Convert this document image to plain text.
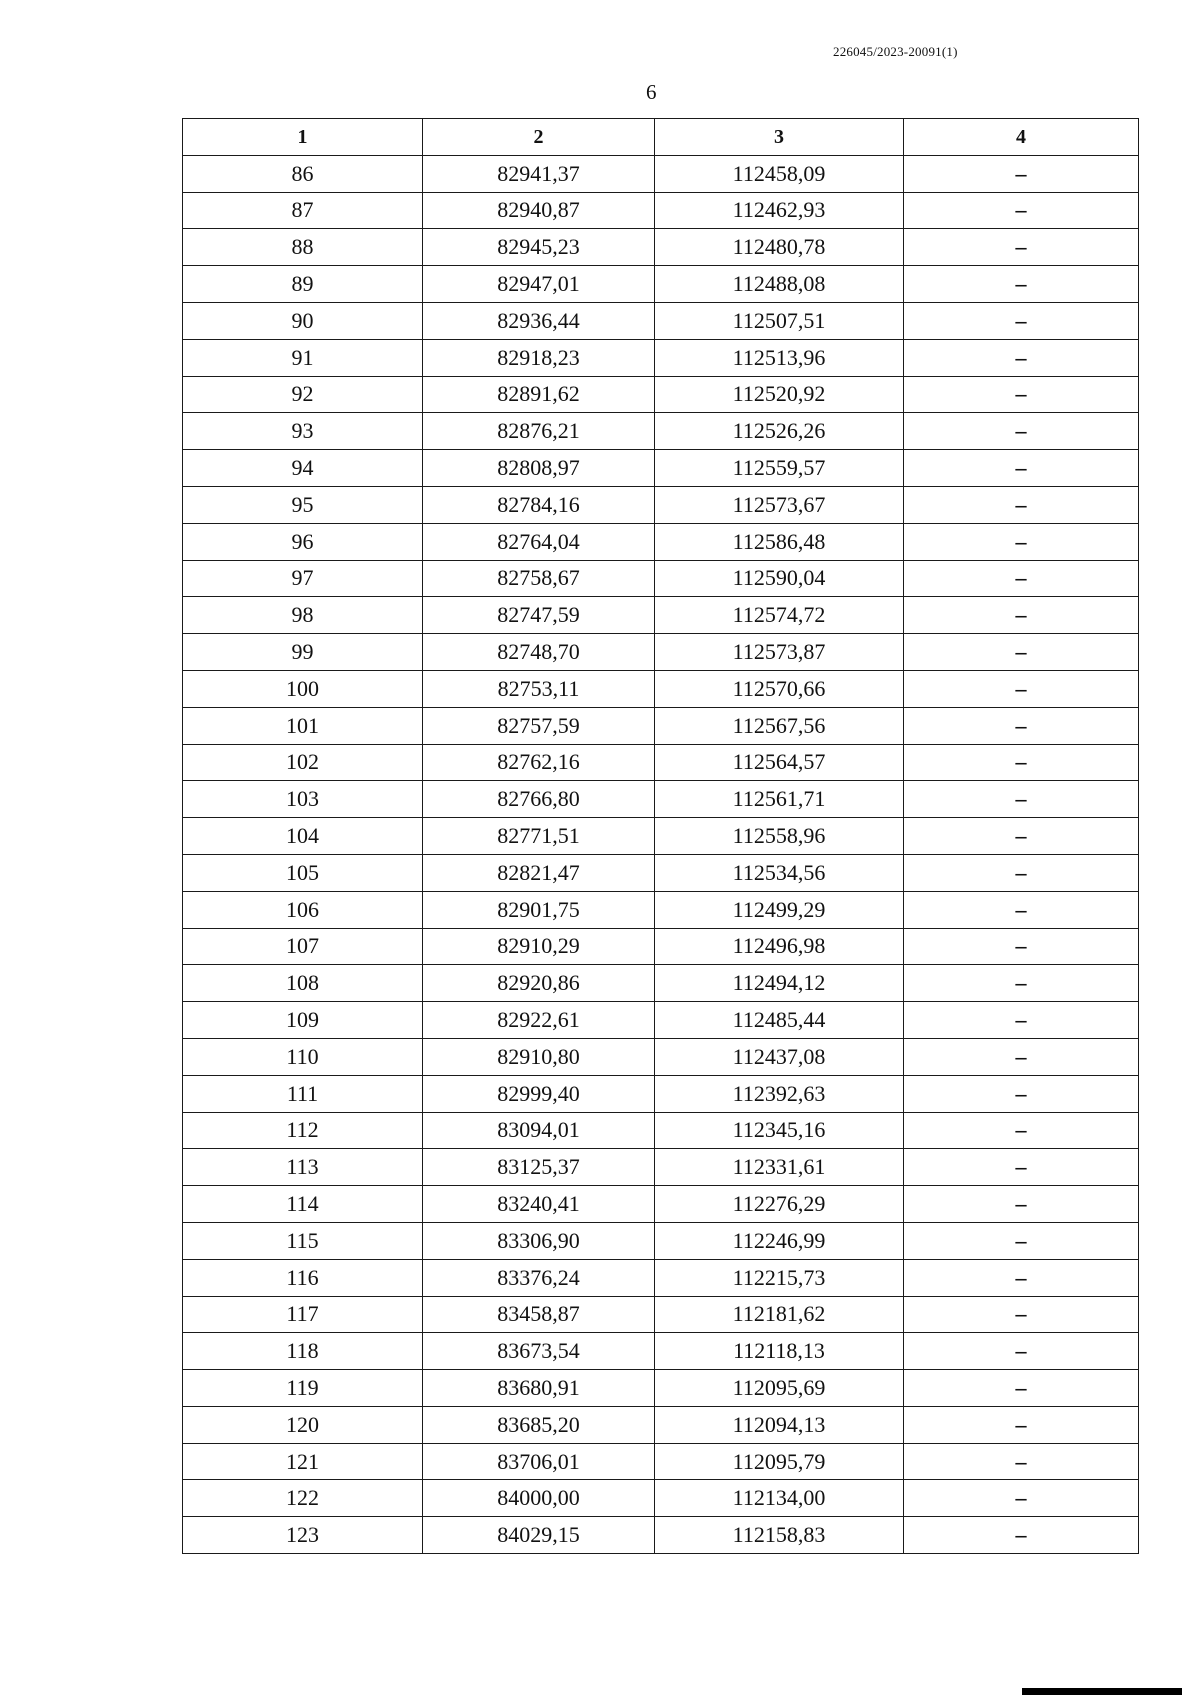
226045/2023-20091(1)
6
1	2	3	4
86	82941,37	112458,09	–
87	82940,87	112462,93	–
88	82945,23	112480,78	–
89	82947,01	112488,08	–
90	82936,44	112507,51	–
91	82918,23	112513,96	–
92	82891,62	112520,92	–
93	82876,21	112526,26	–
94	82808,97	112559,57	–
95	82784,16	112573,67	–
96	82764,04	112586,48	–
97	82758,67	112590,04	–
98	82747,59	112574,72	–
99	82748,70	112573,87	–
100	82753,11	112570,66	–
101	82757,59	112567,56	–
102	82762,16	112564,57	–
103	82766,80	112561,71	–
104	82771,51	112558,96	–
105	82821,47	112534,56	–
106	82901,75	112499,29	–
107	82910,29	112496,98	–
108	82920,86	112494,12	–
109	82922,61	112485,44	–
110	82910,80	112437,08	–
111	82999,40	112392,63	–
112	83094,01	112345,16	–
113	83125,37	112331,61	–
114	83240,41	112276,29	–
115	83306,90	112246,99	–
116	83376,24	112215,73	–
117	83458,87	112181,62	–
118	83673,54	112118,13	–
119	83680,91	112095,69	–
120	83685,20	112094,13	–
121	83706,01	112095,79	–
122	84000,00	112134,00	–
123	84029,15	112158,83	–
